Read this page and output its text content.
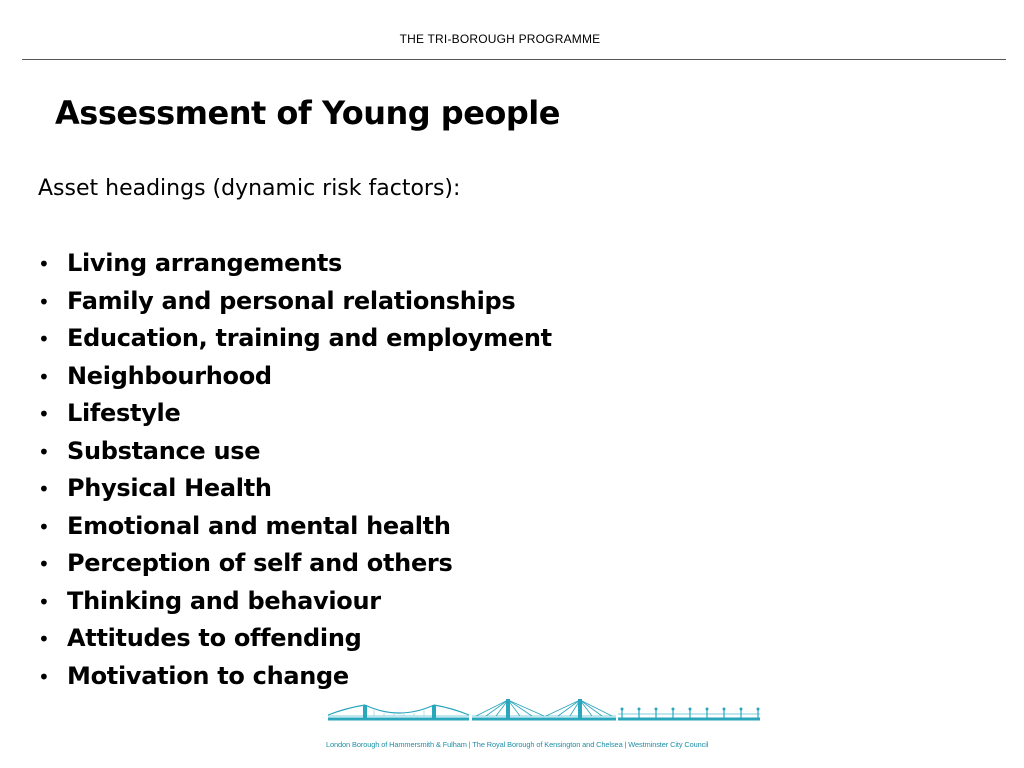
THE TRI-BOROUGH PROGRAMME
Assessment of Young people

Asset headings (dynamic risk factors):

• Living arrangements
• Family and personal relationships
• Education, training and employment
• Neighbourhood
• Lifestyle
• Substance use
• Physical Health
• Emotional and mental health
• Perception of self and others
• Thinking and behaviour
• Attitudes to offending
• Motivation to change
London Borough of Hammersmith & Fulham | The Royal Borough of Kensington and Chelsea | Westminster City Council
